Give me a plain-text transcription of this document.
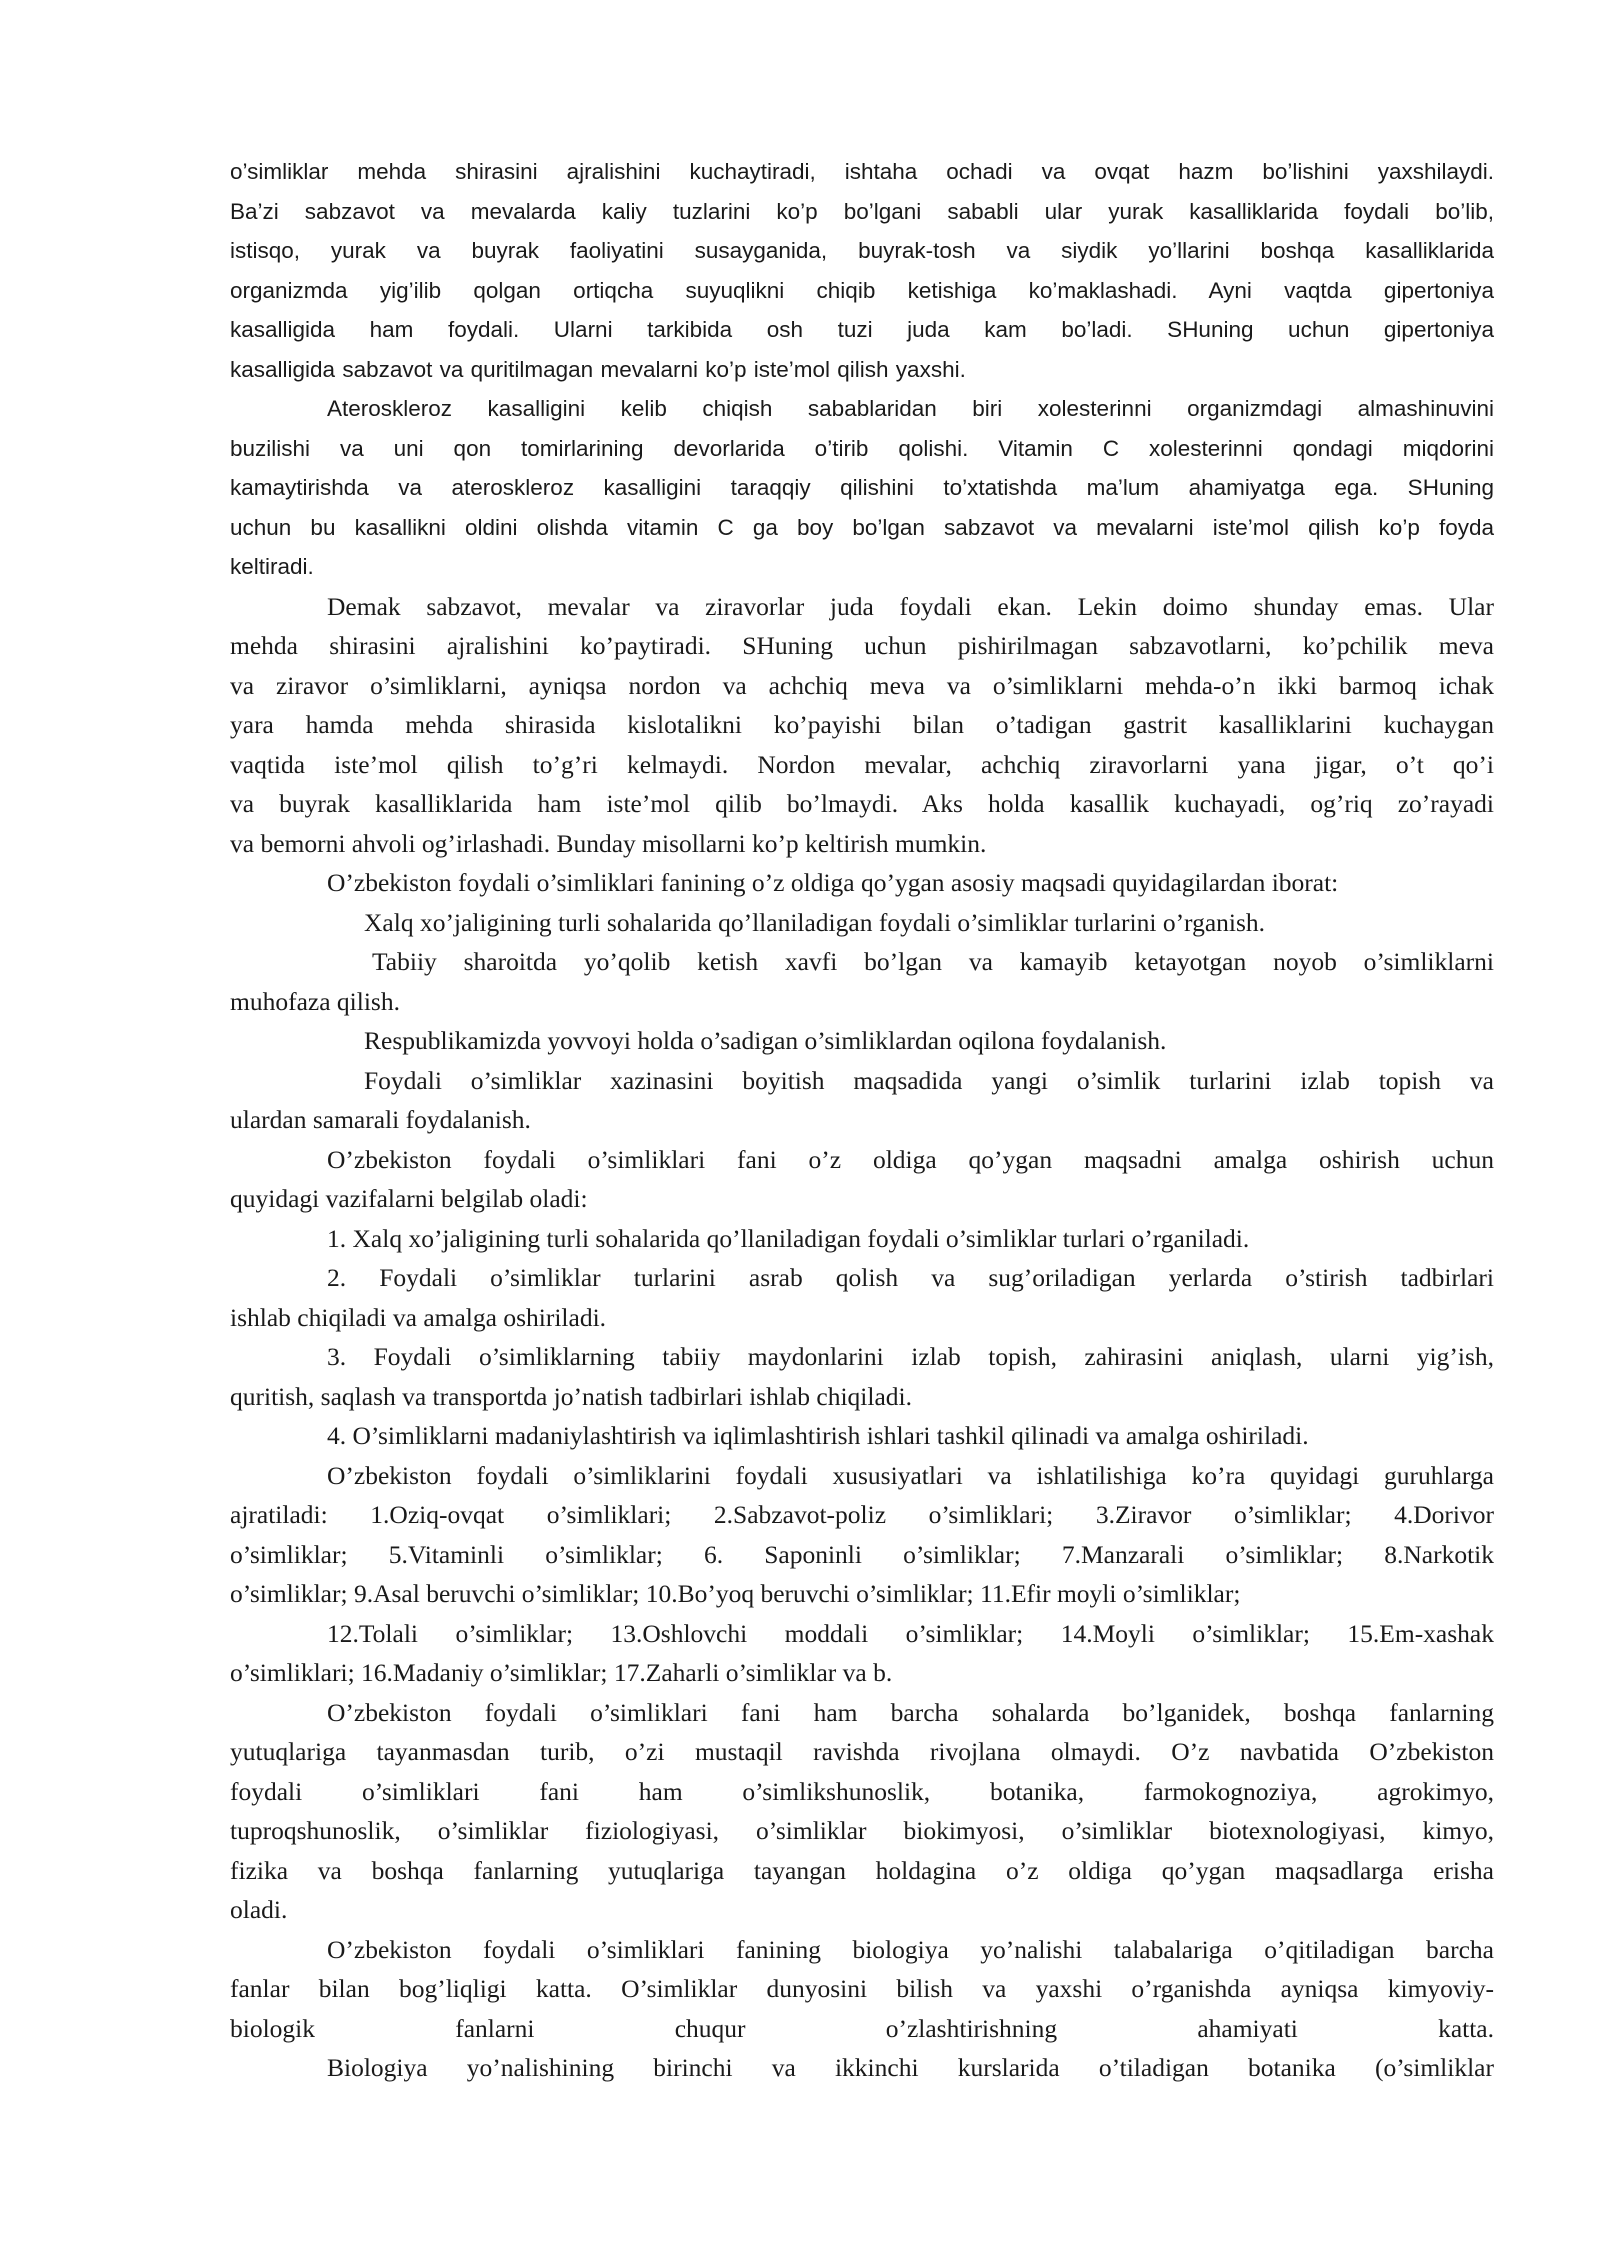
o’simliklar mehda shirasini ajralishini kuchaytiradi, ishtaha ochadi va ovqat hazm bo’lishini yaxshilaydi.
Ba’zi sabzavot va mevalarda kaliy tuzlarini ko’p bo’lgani sababli ular yurak kasalliklarida foydali bo’lib,
istisqo, yurak va buyrak faoliyatini susayganida, buyrak-tosh va siydik yo’llarini boshqa kasalliklarida
organizmda yig’ilib qolgan ortiqcha suyuqlikni chiqib ketishiga ko’maklashadi. Ayni vaqtda gipertoniya
kasalligida ham foydali. Ularni tarkibida osh tuzi juda kam bo’ladi. SHuning uchun gipertoniya
kasalligida sabzavot va quritilmagan mevalarni ko’p iste’mol qilish yaxshi.
Ateroskleroz kasalligini kelib chiqish sabablaridan biri xolesterinni organizmdagi almashinuvini
buzilishi va uni qon tomirlarining devorlarida o’tirib qolishi. Vitamin C xolesterinni qondagi miqdorini
kamaytirishda va ateroskleroz kasalligini taraqqiy qilishini to’xtatishda ma’lum ahamiyatga ega. SHuning
uchun bu kasallikni oldini olishda vitamin C ga boy bo’lgan sabzavot va mevalarni iste’mol qilish ko’p foyda
keltiradi.
Demak sabzavot, mevalar va ziravorlar juda foydali ekan. Lekin doimo shunday emas. Ular
mehda shirasini ajralishini ko’paytiradi. SHuning uchun pishirilmagan sabzavotlarni, ko’pchilik meva
va ziravor o’simliklarni, ayniqsa nordon va achchiq meva va o’simliklarni mehda-o’n ikki barmoq ichak
yara hamda mehda shirasida kislotalikni ko’payishi bilan o’tadigan gastrit kasalliklarini kuchaygan
vaqtida iste’mol qilish to’g’ri kelmaydi. Nordon mevalar, achchiq ziravorlarni yana jigar, o’t qo’i
va buyrak kasalliklarida ham iste’mol qilib bo’lmaydi. Aks holda kasallik kuchayadi, og’riq zo’rayadi
va bemorni ahvoli og’irlashadi. Bunday misollarni ko’p keltirish mumkin.
O’zbekiston foydali o’simliklari fanining o’z oldiga qo’ygan asosiy maqsadi quyidagilardan iborat:
Xalq xo’jaligining turli sohalarida qo’llaniladigan foydali o’simliklar turlarini o’rganish.
Tabiiy sharoitda yo’qolib ketish xavfi bo’lgan va kamayib ketayotgan noyob o’simliklarni
muhofaza qilish.
Respublikamizda yovvoyi holda o’sadigan o’simliklardan oqilona foydalanish.
Foydali o’simliklar xazinasini boyitish maqsadida yangi o’simlik turlarini izlab topish va
ulardan samarali foydalanish.
O’zbekiston foydali o’simliklari fani o’z oldiga qo’ygan maqsadni amalga oshirish uchun
quyidagi vazifalarni belgilab oladi:
1. Xalq xo’jaligining turli sohalarida qo’llaniladigan foydali o’simliklar turlari o’rganiladi.
2. Foydali o’simliklar turlarini asrab qolish va sug’oriladigan yerlarda o’stirish tadbirlari
ishlab chiqiladi va amalga oshiriladi.
3. Foydali o’simliklarning tabiiy maydonlarini izlab topish, zahirasini aniqlash, ularni yig’ish,
quritish, saqlash va transportda jo’natish tadbirlari ishlab chiqiladi.
4. O’simliklarni madaniylashtirish va iqlimlashtirish ishlari tashkil qilinadi va amalga oshiriladi.
O’zbekiston foydali o’simliklarini foydali xususiyatlari va ishlatilishiga ko’ra quyidagi guruhlarga
ajratiladi: 1.Oziq-ovqat o’simliklari; 2.Sabzavot-poliz o’simliklari; 3.Ziravor o’simliklar; 4.Dorivor
o’simliklar; 5.Vitaminli o’simliklar; 6. Saponinli o’simliklar; 7.Manzarali o’simliklar; 8.Narkotik
o’simliklar; 9.Asal beruvchi o’simliklar; 10.Bo’yoq beruvchi o’simliklar; 11.Efir moyli o’simliklar;
12.Tolali o’simliklar; 13.Oshlovchi moddali o’simliklar; 14.Moyli o’simliklar; 15.Em-xashak
o’simliklari; 16.Madaniy o’simliklar; 17.Zaharli o’simliklar va b.
O’zbekiston foydali o’simliklari fani ham barcha sohalarda bo’lganidek, boshqa fanlarning
yutuqlariga tayanmasdan turib, o’zi mustaqil ravishda rivojlana olmaydi. O’z navbatida O’zbekiston
foydali o’simliklari fani ham o’simlikshunoslik, botanika, farmokognoziya, agrokimyo,
tuproqshunoslik, o’simliklar fiziologiyasi, o’simliklar biokimyosi, o’simliklar biotexnologiyasi, kimyo,
fizika va boshqa fanlarning yutuqlariga tayangan holdagina o’z oldiga qo’ygan maqsadlarga erisha
oladi.
O’zbekiston foydali o’simliklari fanining biologiya yo’nalishi talabalariga o’qitiladigan barcha
fanlar bilan bog’liqligi katta. O’simliklar dunyosini bilish va yaxshi o’rganishda ayniqsa kimyoviy-
biologik fanlarni chuqur o’zlashtirishning ahamiyati katta.
Biologiya yo’nalishining birinchi va ikkinchi kurslarida o’tiladigan botanika (o’simliklar
